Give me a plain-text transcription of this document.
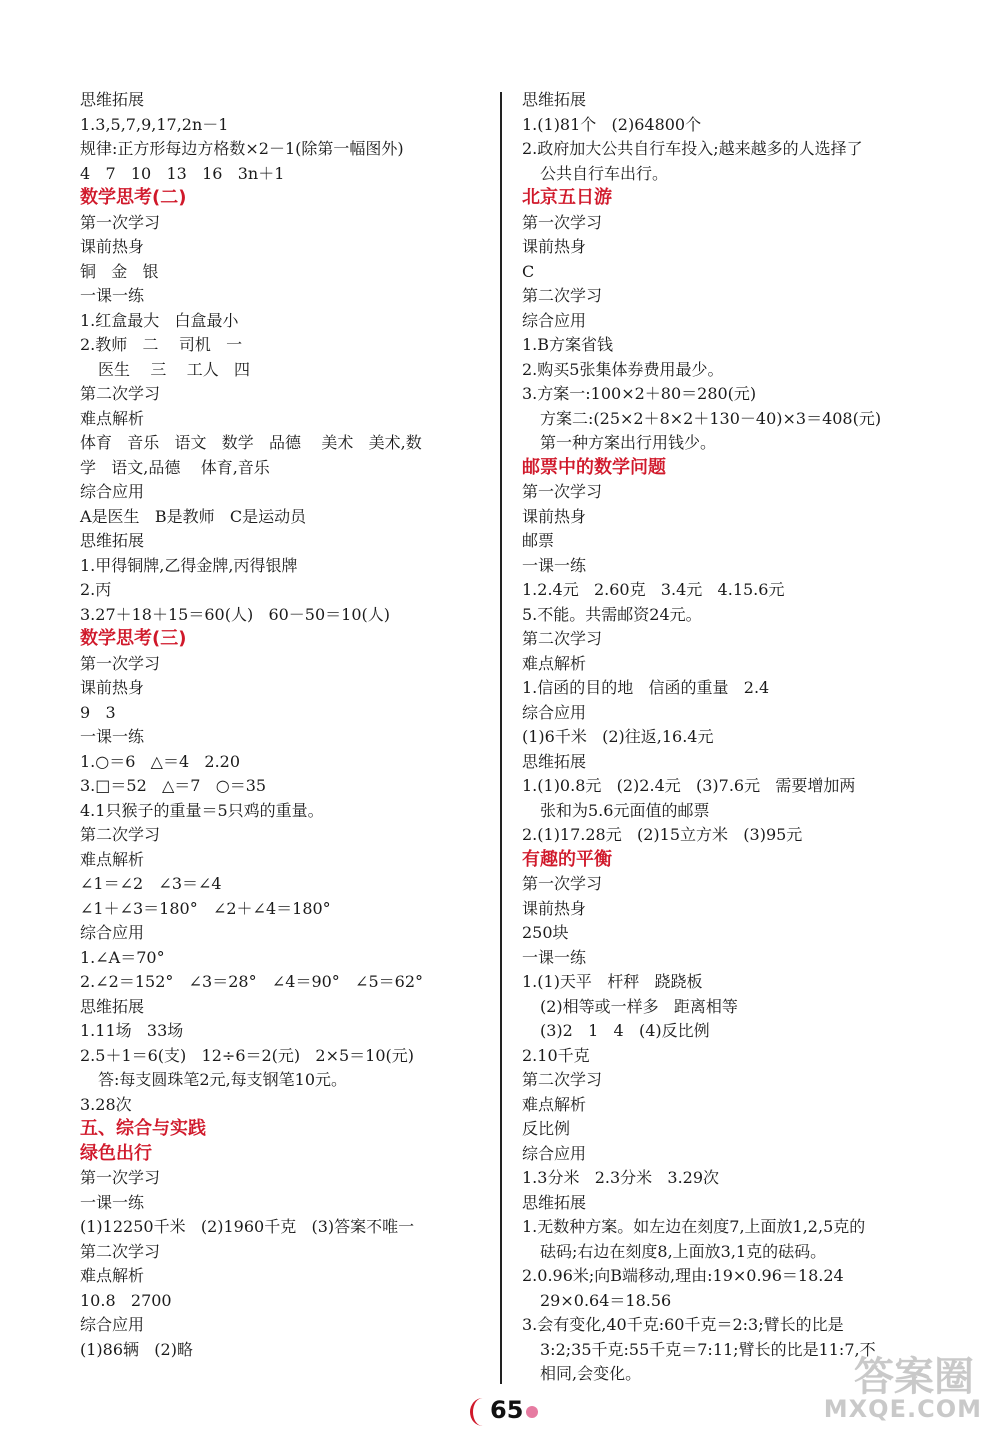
思维拓展
1.3,5,7,9,17,2n－1
规律:正方形每边方格数×2－1(除第一幅图外)
4   7   10   13   16   3n＋1
数学思考(二)
第一次学习
课前热身
铜   金   银
一课一练
1.红盒最大   白盒最小
2.教师   二    司机   一
医生    三    工人   四
第二次学习
难点解析
体育   音乐   语文   数学   品德    美术   美术,数
学   语文,品德    体育,音乐
综合应用
A是医生   B是教师   C是运动员
思维拓展
1.甲得铜牌,乙得金牌,丙得银牌
2.丙
3.27＋18＋15＝60(人)   60－50＝10(人)
数学思考(三)
第一次学习
课前热身
9   3
一课一练
1.○＝6   △＝4   2.20
3.□＝52   △＝7   ○＝35
4.1只猴子的重量＝5只鸡的重量。
第二次学习
难点解析
∠1＝∠2   ∠3＝∠4
∠1＋∠3＝180°   ∠2＋∠4＝180°
综合应用
1.∠A＝70°
2.∠2＝152°   ∠3＝28°   ∠4＝90°   ∠5＝62°
思维拓展
1.11场   33场
2.5＋1＝6(支)   12÷6＝2(元)   2×5＝10(元)
答:每支圆珠笔2元,每支钢笔10元。
3.28次
五、综合与实践
绿色出行
第一次学习
一课一练
(1)12250千米   (2)1960千克   (3)答案不唯一
第二次学习
难点解析
10.8   2700
综合应用
(1)86辆   (2)略
思维拓展
1.(1)81个   (2)64800个
2.政府加大公共自行车投入;越来越多的人选择了
公共自行车出行。
北京五日游
第一次学习
课前热身
C
第二次学习
综合应用
1.B方案省钱
2.购买5张集体券费用最少。
3.方案一:100×2＋80＝280(元)
方案二:(25×2＋8×2＋130－40)×3＝408(元)
第一种方案出行用钱少。
邮票中的数学问题
第一次学习
课前热身
邮票
一课一练
1.2.4元   2.60克   3.4元   4.15.6元
5.不能。共需邮资24元。
第二次学习
难点解析
1.信函的目的地   信函的重量   2.4
综合应用
(1)6千米   (2)往返,16.4元
思维拓展
1.(1)0.8元   (2)2.4元   (3)7.6元   需要增加两
张和为5.6元面值的邮票
2.(1)17.28元   (2)15立方米   (3)95元
有趣的平衡
第一次学习
课前热身
250块
一课一练
1.(1)天平   杆秤   跷跷板
(2)相等或一样多   距离相等
(3)2   1   4   (4)反比例
2.10千克
第二次学习
难点解析
反比例
综合应用
1.3分米   2.3分米   3.29次
思维拓展
1.无数种方案。如左边在刻度7,上面放1,2,5克的
砝码;右边在刻度8,上面放3,1克的砝码。
2.0.96米;向B端移动,理由:19×0.96＝18.24
29×0.64＝18.56
3.会有变化,40千克:60千克＝2:3;臂长的比是
3:2;35千克:55千克＝7:11;臂长的比是11:7,不
相同,会变化。
65
答案圈
MXQE.COM
